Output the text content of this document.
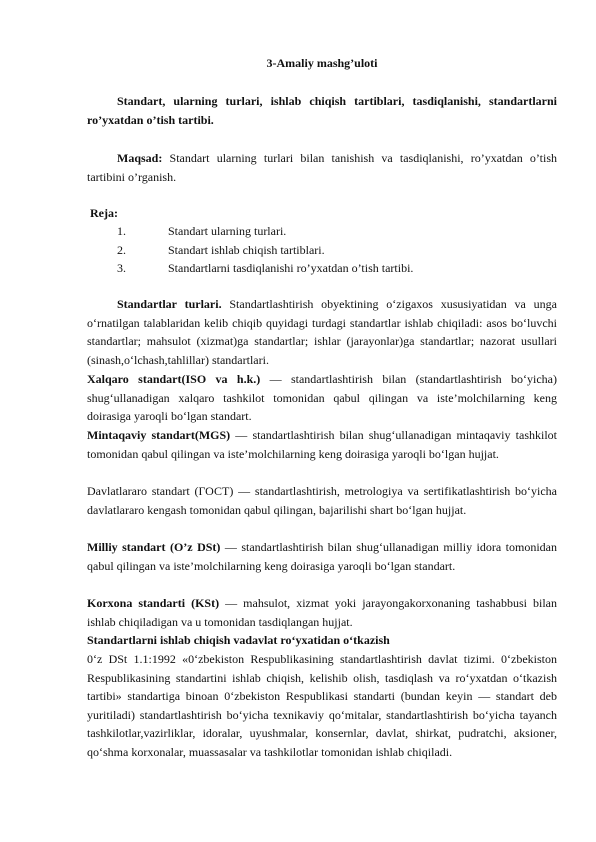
3-Amaliy mashg’uloti
Standart, ularning turlari, ishlab chiqish tartiblari, tasdiqlanishi, standartlarni ro’yxatdan o’tish tartibi.
Maqsad: Standart ularning turlari bilan tanishish va tasdiqlanishi, ro’yxatdan o’tish tartibini o’rganish.
Reja:
1.	Standart ularning turlari.
2.	Standart ishlab chiqish tartiblari.
3.	Standartlarni tasdiqlanishi ro’yxatdan o’tish tartibi.
Standartlar turlari. Standartlashtirish obyektining o‘zigaxos xususiyatidan va unga o‘rnatilgan talablaridan kelib chiqib quyidagi turdagi standartlar ishlab chiqiladi: asos bo‘luvchi standartlar; mahsulot (xizmat)ga standartlar; ishlar (jarayonlar)ga standartlar; nazorat usullari (sinash,o‘lchash,tahlillar) standartlari.
Xalqaro standart(ISO va h.k.) — standartlashtirish bilan (standartlashtirish bo‘yicha) shug‘ullanadigan xalqaro tashkilot tomonidan qabul qilingan va iste’molchilarning keng doirasiga yaroqli bo‘lgan standart.
Mintaqaviy standart(MGS) — standartlashtirish bilan shug‘ullanadigan mintaqaviy tashkilot tomonidan qabul qilingan va iste’molchilarning keng doirasiga yaroqli bo‘lgan hujjat.
Davlatlararo standart (ГОСТ) — standartlashtirish, metrologiya va sertifikatlashtirish bo‘yicha davlatlararo kengash tomonidan qabul qilingan, bajarilishi shart bo‘lgan hujjat.
Milliy standart (O’z DSt) — standartlashtirish bilan shug‘ullanadigan milliy idora tomonidan qabul qilingan va iste’molchilarning keng doirasiga yaroqli bo‘lgan standart.
Korxona standarti (KSt) — mahsulot, xizmat yoki jarayongakorxonaning tashabbusi bilan ishlab chiqiladigan va u tomonidan tasdiqlangan hujjat.
Standartlarni ishlab chiqish vadavlat ro‘yxatidan o‘tkazish
0‘z DSt 1.1:1992 «0‘zbekiston Respublikasining standartlashtirish davlat tizimi. 0‘zbekiston Respublikasining standartini ishlab chiqish, kelishib olish, tasdiqlash va ro‘yxatdan o‘tkazish tartibi» standartiga binoan 0‘zbekiston Respublikasi standarti (bundan keyin — standart deb yuritiladi) standartlashtirish bo‘yicha texnikaviy qo‘mitalar, standartlashtirish bo‘yicha tayanch tashkilotlar,vazirliklar, idoralar, uyushmalar, konsernlar, davlat, shirkat, pudratchi, aksioner, qo‘shma korxonalar, muassasalar va tashkilotlar tomonidan ishlab chiqiladi.
